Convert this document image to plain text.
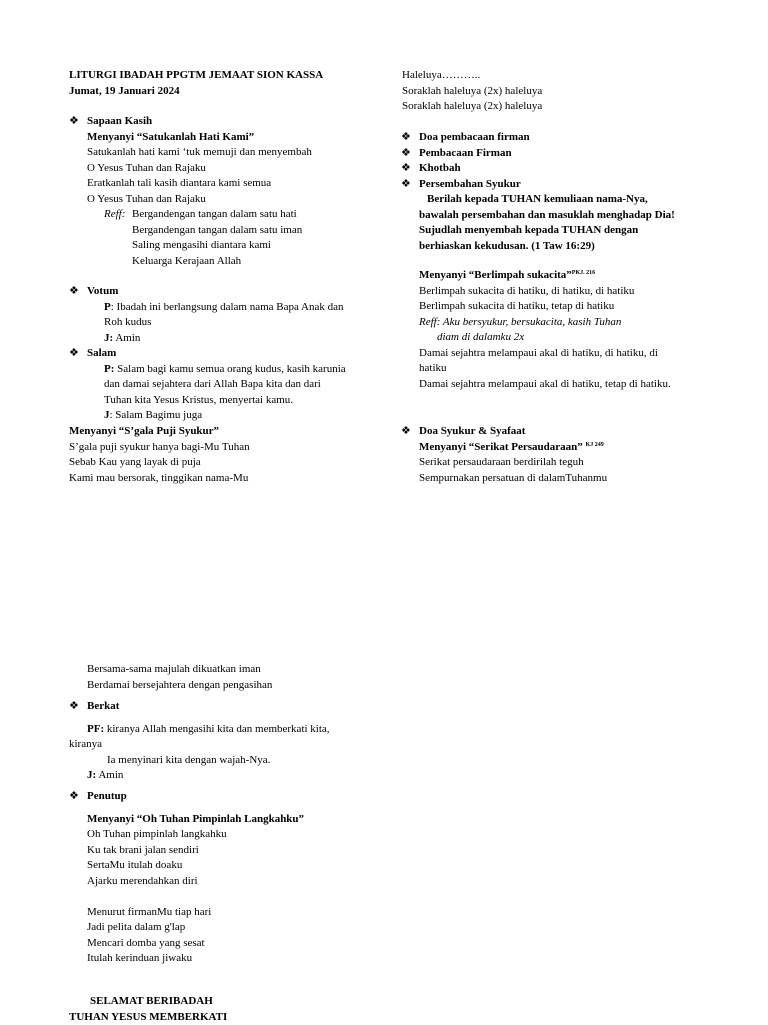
LITURGI IBADAH PPGTM JEMAAT SION KASSA
Jumat, 19 Januari 2024
❖ Sapaan Kasih
Menyanyi “Satukanlah Hati Kami”
Satukanlah hati kami ‘tuk memuji dan menyembah
O Yesus Tuhan dan Rajaku
Eratkanlah tali kasih diantara kami semua
O Yesus Tuhan dan Rajaku
Reff: Bergandengan tangan dalam satu hati
Bergandengan tangan dalam satu iman
Saling mengasihi diantara kami
Keluarga Kerajaan Allah
❖ Votum
P: Ibadah ini berlangsung dalam nama Bapa Anak dan
Roh kudus
J: Amin
❖ Salam
P: Salam bagi kamu semua orang kudus, kasih karunia
dan damai sejahtera dari Allah Bapa kita dan dari
Tuhan kita Yesus Kristus, menyertai kamu.
J: Salam Bagimu juga
Menyanyi “S’gala Puji Syukur”
S’gala puji syukur hanya bagi-Mu Tuhan
Sebab Kau yang layak di puja
Kami mau bersorak, tinggikan nama-Mu
Haleluya………..
Soraklah haleluya (2x) haleluya
Soraklah haleluya (2x) haleluya
❖ Doa pembacaan firman
❖ Pembacaan Firman
❖ Khotbah
❖ Persembahan Syukur
Berilah kepada TUHAN kemuliaan nama-Nya,
bawalah persembahan dan masuklah menghadap Dia!
Sujudlah menyembah kepada TUHAN dengan
berhiaskan kekudusan. (1 Taw 16:29)
Menyanyi “Berlimpah sukacita”$^{PKJ. 216}$
Berlimpah sukacita di hatiku, di hatiku, di hatiku
Berlimpah sukacita di hatiku, tetap di hatiku
Reff: Aku bersyukur, bersukacita, kasih Tuhan
diam di dalamku 2x
Damai sejahtra melampaui akal di hatiku, di hatiku, di
hatiku
Damai sejahtra melampaui akal di hatiku, tetap di hatiku.
❖ Doa Syukur & Syafaat
Menyanyi “Serikat Persaudaraan” $^{KJ 249}$
Serikat persaudaraan berdirilah teguh
Sempurnakan persatuan di dalamTuhanmu
Bersama-sama majulah dikuatkan iman
Berdamai bersejahtera dengan pengasihan
❖ Berkat
PF: kiranya Allah mengasihi kita dan memberkati kita,
kiranya
Ia menyinari kita dengan wajah-Nya.
J: Amin
❖ Penutup
Menyanyi “Oh Tuhan Pimpinlah Langkahku”
Oh Tuhan pimpinlah langkahku
Ku tak brani jalan sendiri
SertaMu itulah doaku
Ajarku merendahkan diri
Menurut firmanMu tiap hari
Jadi pelita dalam g'lap
Mencari domba yang sesat
Itulah kerinduan jiwaku
SELAMAT BERIBADAH
TUHAN YESUS MEMBERKATI
